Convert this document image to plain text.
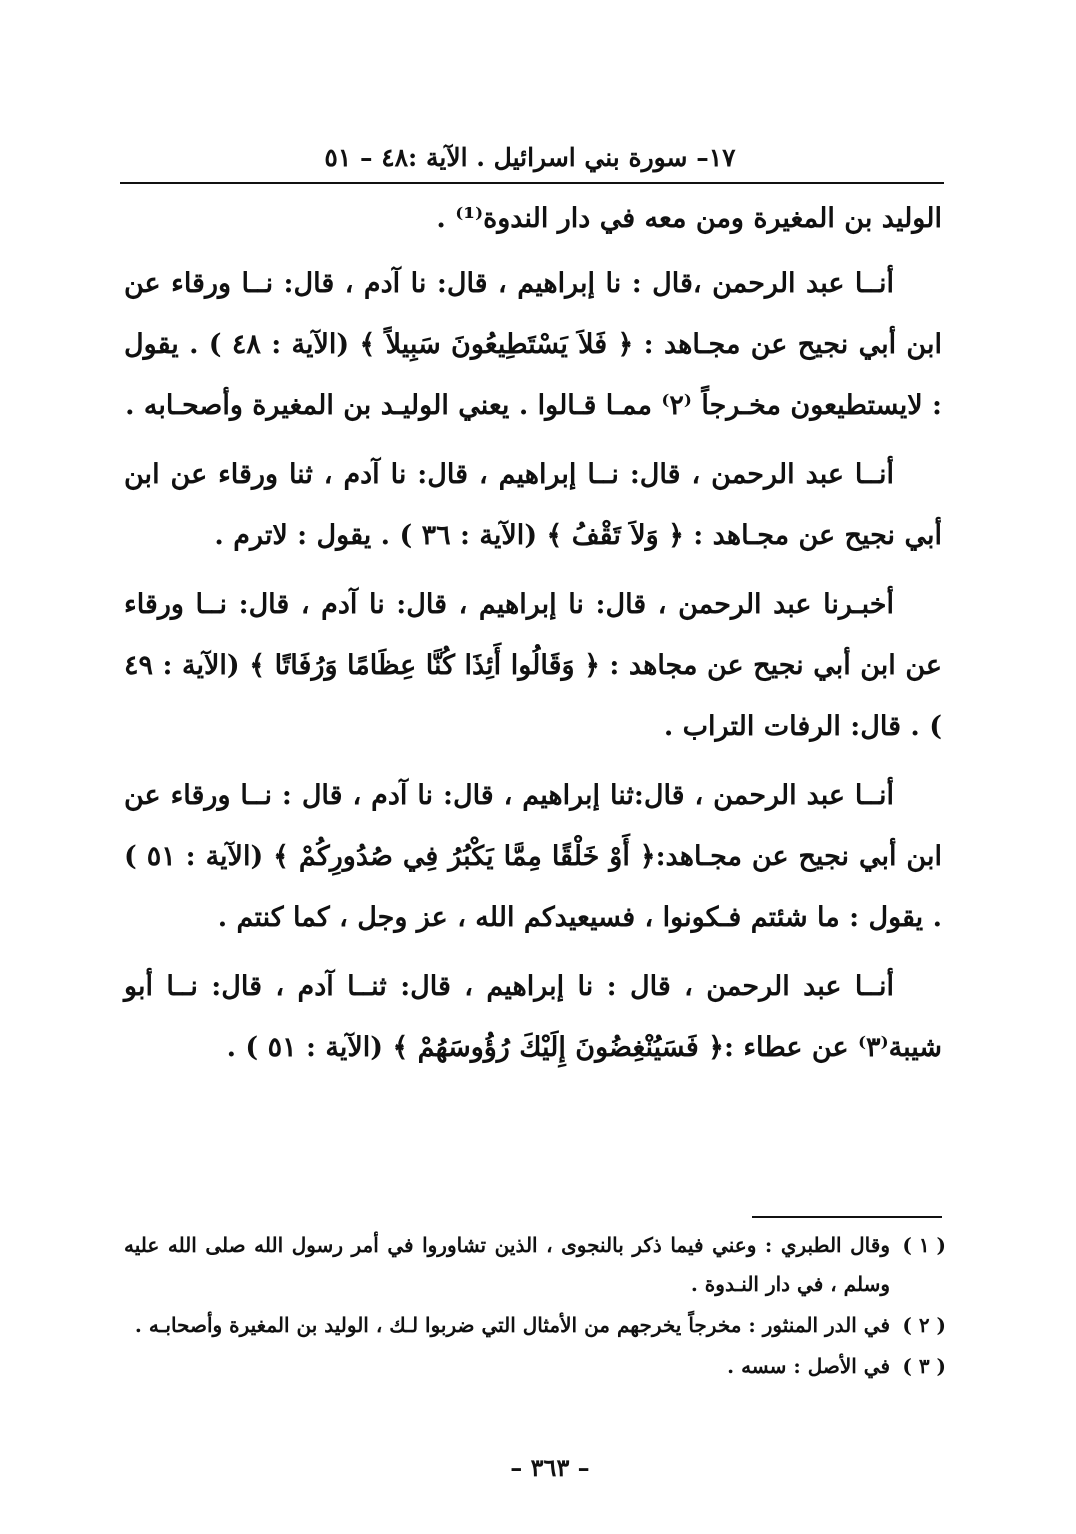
١٧– سورة بني اسرائيل . الآية :٤٨ – ٥١

الوليد بن المغيرة ومن معه في دار الندوة⁽¹⁾ .

أنــا عبد الرحمن ،قال : نا إبراهيم ، قال: نا آدم ، قال: نــا ورقاء عن ابن أبي نجيح عن مجـاهد : ﴿ فَلاَ يَسْتَطِيعُونَ سَبِيلاً ﴾ (الآية : ٤٨ ) . يقول : لايستطيعون مخـرجاً ⁽٢⁾ ممـا قـالوا . يعني الوليـد بن المغيرة وأصحـابه .

أنــا عبد الرحمن ، قال: نــا إبراهيم ، قال: نا آدم ، ثنا ورقاء عن ابن أبي نجيح عن مجـاهد : ﴿ وَلاَ تَقْفُ ﴾ (الآية : ٣٦ ) . يقول : لاترم .

أخبـرنا عبد الرحمن ، قال: نا إبراهيم ، قال: نا آدم ، قال: نــا ورقاء عن ابن أبي نجيح عن مجاهد : ﴿ وَقَالُوا أَئِذَا كُنَّا عِظَامًا وَرُفَاتًا ﴾ (الآية : ٤٩ ) . قال: الرفات التراب .

أنــا عبد الرحمن ، قال:ثنا إبراهيم ، قال: نا آدم ، قال : نــا ورقاء عن ابن أبي نجيح عن مجـاهد:﴿ أَوْ خَلْقًا مِمَّا يَكْبُرُ فِي صُدُورِكُمْ ﴾ (الآية : ٥١ ) . يقول : ما شئتم فـكونوا ، فسيعيدكم الله ، عز وجل ، كما كنتم .

أنــا عبد الرحمن ، قال : نا إبراهيم ، قال: ثنــا آدم ، قال: نــا أبو شيبة⁽٣⁾ عن عطاء :﴿ فَسَيُنْغِضُونَ إِلَيْكَ رُؤُوسَهُمْ ﴾ (الآية : ٥١ ) .

( ١ )
وقال الطبري : وعني فيما ذكر بالنجوى ، الذين تشاوروا في أمر رسول الله صلى الله عليه وسلم ، في دار النـدوة .
( ٢ )
في الدر المنثور : مخرجاً يخرجهم من الأمثال التي ضربوا لـك ، الوليد بن المغيرة وأصحابـه .
( ٣ )
في الأصل : سسه .
– ٣٦٣ –
